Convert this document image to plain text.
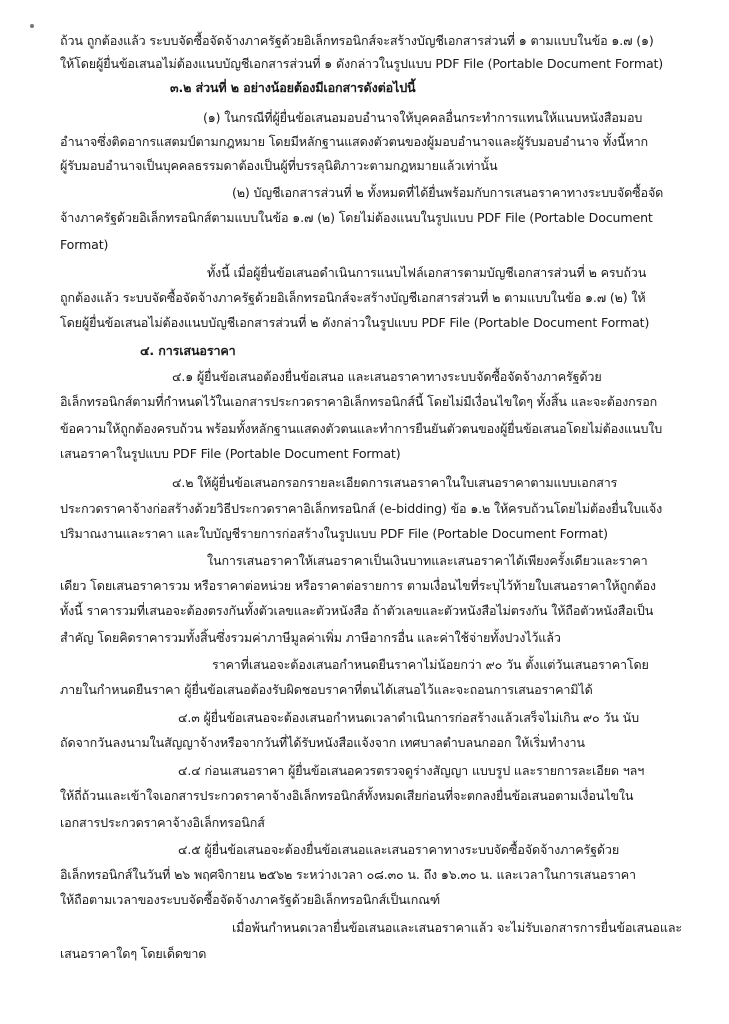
ถ้วน ถูกต้องแล้ว ระบบจัดซื้อจัดจ้างภาครัฐด้วยอิเล็กทรอนิกส์จะสร้างบัญชีเอกสารส่วนที่ ๑ ตามแบบในข้อ ๑.๗ (๑)
ให้โดยผู้ยื่นข้อเสนอไม่ต้องแนบบัญชีเอกสารส่วนที่ ๑ ดังกล่าวในรูปแบบ PDF File (Portable Document Format)
๓.๒ ส่วนที่ ๒ อย่างน้อยต้องมีเอกสารดังต่อไปนี้
(๑) ในกรณีที่ผู้ยื่นข้อเสนอมอบอำนาจให้บุคคลอื่นกระทำการแทนให้แนบหนังสือมอบ
อำนาจซึ่งติดอากรแสตมป์ตามกฎหมาย โดยมีหลักฐานแสดงตัวตนของผู้มอบอำนาจและผู้รับมอบอำนาจ ทั้งนี้หาก
ผู้รับมอบอำนาจเป็นบุคคลธรรมดาต้องเป็นผู้ที่บรรลุนิติภาวะตามกฎหมายแล้วเท่านั้น
(๒) บัญชีเอกสารส่วนที่ ๒ ทั้งหมดที่ได้ยื่นพร้อมกับการเสนอราคาทางระบบจัดซื้อจัด
จ้างภาครัฐด้วยอิเล็กทรอนิกส์ตามแบบในข้อ ๑.๗ (๒) โดยไม่ต้องแนบในรูปแบบ PDF File (Portable Document
Format)
ทั้งนี้ เมื่อผู้ยื่นข้อเสนอดำเนินการแนบไฟล์เอกสารตามบัญชีเอกสารส่วนที่ ๒ ครบถ้วน
ถูกต้องแล้ว ระบบจัดซื้อจัดจ้างภาครัฐด้วยอิเล็กทรอนิกส์จะสร้างบัญชีเอกสารส่วนที่ ๒ ตามแบบในข้อ ๑.๗ (๒) ให้
โดยผู้ยื่นข้อเสนอไม่ต้องแนบบัญชีเอกสารส่วนที่ ๒ ดังกล่าวในรูปแบบ PDF File (Portable Document Format)
๔. การเสนอราคา
๔.๑ ผู้ยื่นข้อเสนอต้องยื่นข้อเสนอ และเสนอราคาทางระบบจัดซื้อจัดจ้างภาครัฐด้วย
อิเล็กทรอนิกส์ตามที่กำหนดไว้ในเอกสารประกวดราคาอิเล็กทรอนิกส์นี้ โดยไม่มีเงื่อนไขใดๆ ทั้งสิ้น และจะต้องกรอก
ข้อความให้ถูกต้องครบถ้วน พร้อมทั้งหลักฐานแสดงตัวตนและทำการยืนยันตัวตนของผู้ยื่นข้อเสนอโดยไม่ต้องแนบใบ
เสนอราคาในรูปแบบ PDF File (Portable Document Format)
๔.๒ ให้ผู้ยื่นข้อเสนอกรอกรายละเอียดการเสนอราคาในใบเสนอราคาตามแบบเอกสาร
ประกวดราคาจ้างก่อสร้างด้วยวิธีประกวดราคาอิเล็กทรอนิกส์ (e-bidding) ข้อ ๑.๒ ให้ครบถ้วนโดยไม่ต้องยื่นใบแจ้ง
ปริมาณงานและราคา และใบบัญชีรายการก่อสร้างในรูปแบบ PDF File (Portable Document Format)
ในการเสนอราคาให้เสนอราคาเป็นเงินบาทและเสนอราคาได้เพียงครั้งเดียวและราคา
เดียว โดยเสนอราคารวม หรือราคาต่อหน่วย หรือราคาต่อรายการ ตามเงื่อนไขที่ระบุไว้ท้ายใบเสนอราคาให้ถูกต้อง
ทั้งนี้ ราคารวมที่เสนอจะต้องตรงกันทั้งตัวเลขและตัวหนังสือ ถ้าตัวเลขและตัวหนังสือไม่ตรงกัน ให้ถือตัวหนังสือเป็น
สำคัญ โดยคิดราคารวมทั้งสิ้นซึ่งรวมค่าภาษีมูลค่าเพิ่ม ภาษีอากรอื่น และค่าใช้จ่ายทั้งปวงไว้แล้ว
ราคาที่เสนอจะต้องเสนอกำหนดยืนราคาไม่น้อยกว่า ๙๐ วัน ตั้งแต่วันเสนอราคาโดย
ภายในกำหนดยืนราคา ผู้ยื่นข้อเสนอต้องรับผิดชอบราคาที่ตนได้เสนอไว้และจะถอนการเสนอราคามิได้
๔.๓ ผู้ยื่นข้อเสนอจะต้องเสนอกำหนดเวลาดำเนินการก่อสร้างแล้วเสร็จไม่เกิน ๙๐ วัน นับ
ถัดจากวันลงนามในสัญญาจ้างหรือจากวันที่ได้รับหนังสือแจ้งจาก เทศบาลตำบลนกออก ให้เริ่มทำงาน
๔.๔ ก่อนเสนอราคา ผู้ยื่นข้อเสนอควรตรวจดูร่างสัญญา แบบรูป และรายการละเอียด ฯลฯ
ให้ถี่ถ้วนและเข้าใจเอกสารประกวดราคาจ้างอิเล็กทรอนิกส์ทั้งหมดเสียก่อนที่จะตกลงยื่นข้อเสนอตามเงื่อนไขใน
เอกสารประกวดราคาจ้างอิเล็กทรอนิกส์
๔.๕ ผู้ยื่นข้อเสนอจะต้องยื่นข้อเสนอและเสนอราคาทางระบบจัดซื้อจัดจ้างภาครัฐด้วย
อิเล็กทรอนิกส์ในวันที่ ๒๖ พฤศจิกายน ๒๕๖๒ ระหว่างเวลา ๐๘.๓๐ น. ถึง ๑๖.๓๐ น. และเวลาในการเสนอราคา
ให้ถือตามเวลาของระบบจัดซื้อจัดจ้างภาครัฐด้วยอิเล็กทรอนิกส์เป็นเกณฑ์
เมื่อพ้นกำหนดเวลายื่นข้อเสนอและเสนอราคาแล้ว จะไม่รับเอกสารการยื่นข้อเสนอและ
เสนอราคาใดๆ โดยเด็ดขาด
